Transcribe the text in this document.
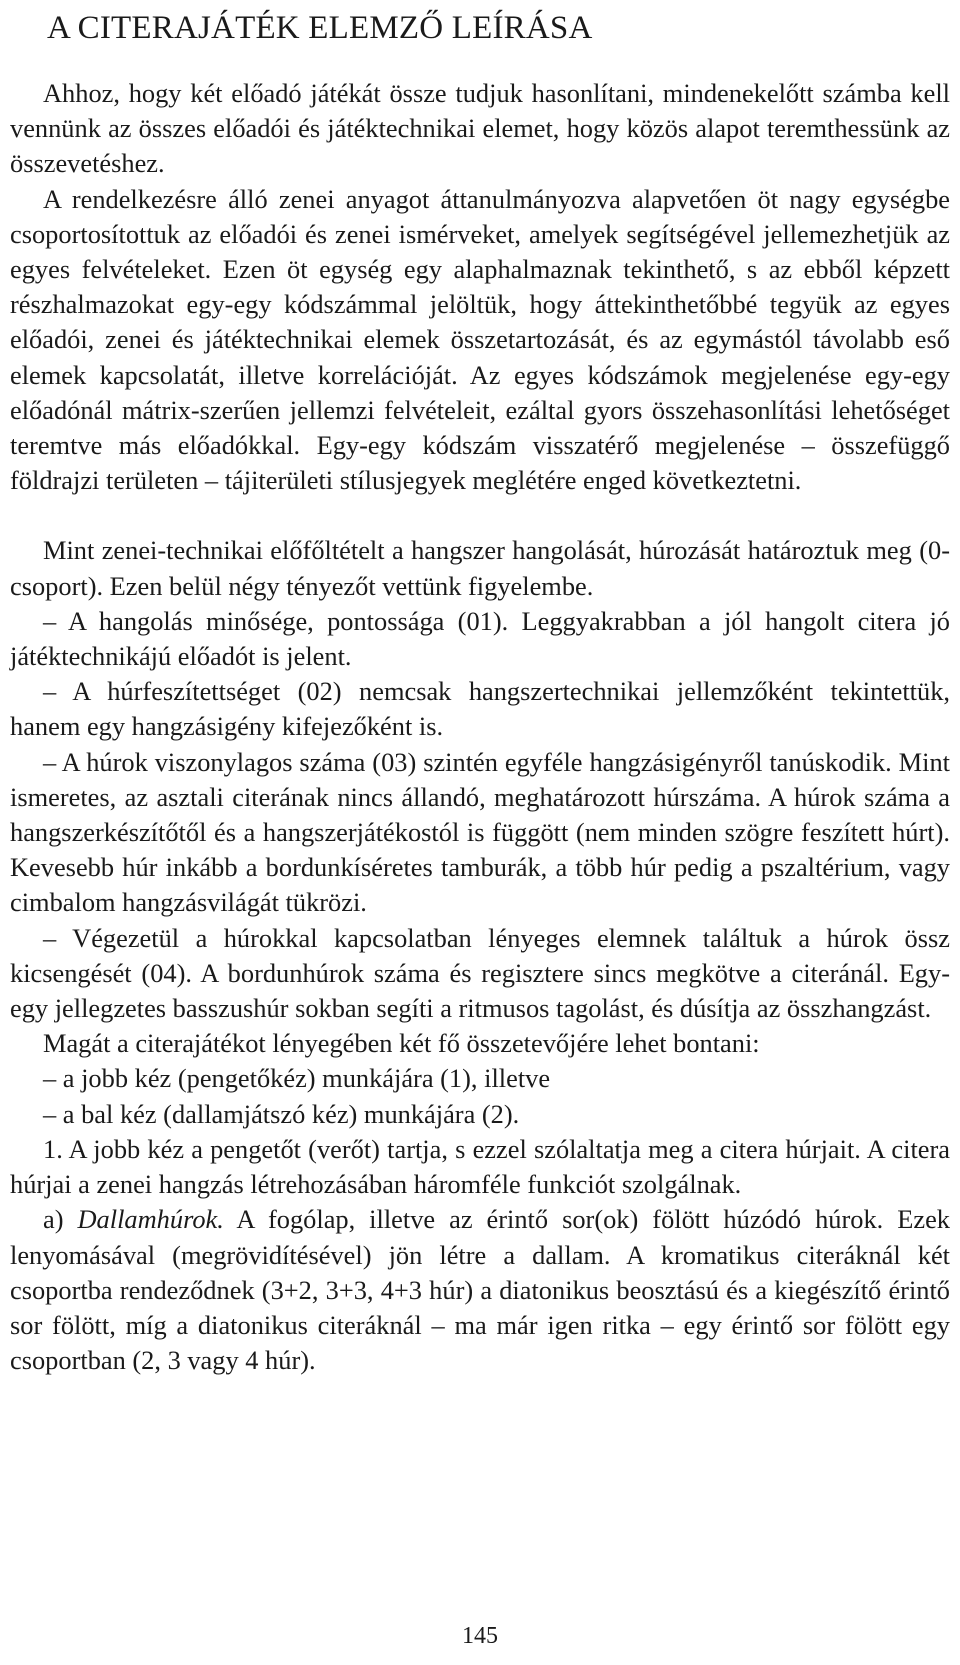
A CITERAJÁTÉK ELEMZŐ LEÍRÁSA

Ahhoz, hogy két előadó játékát össze tudjuk hasonlítani, mindenekelőtt számba kell vennünk az összes előadói és játéktechnikai elemet, hogy közös alapot teremthessünk az összevetéshez.

A rendelkezésre álló zenei anyagot áttanulmányozva alapvetően öt nagy egységbe csoportosítottuk az előadói és zenei ismérveket, amelyek segítségével jellemezhetjük az egyes felvételeket. Ezen öt egység egy alaphalmaznak tekinthető, s az ebből képzett részhalmazokat egy-egy kódszámmal jelöltük, hogy áttekinthetőbbé tegyük az egyes előadói, zenei és játéktechnikai elemek összetartozását, és az egymástól távolabb eső elemek kapcsolatát, illetve korrelációját. Az egyes kódszámok megjelenése egy-egy előadónál mátrix-szerűen jellemzi felvételeit, ezáltal gyors összehasonlítási lehetőséget teremtve más előadókkal. Egy-egy kódszám visszatérő megjelenése – összefüggő földrajzi területen – tájiterületi stílusjegyek meglétére enged következtetni.

Mint zenei-technikai előfőltételt a hangszer hangolását, húrozását határoztuk meg (0-csoport). Ezen belül négy tényezőt vettünk figyelembe.

– A hangolás minősége, pontossága (01). Leggyakrabban a jól hangolt citera jó játéktechnikájú előadót is jelent.

– A húrfeszítettséget (02) nemcsak hangszertechnikai jellemzőként tekintettük, hanem egy hangzásigény kifejezőként is.

– A húrok viszonylagos száma (03) szintén egyféle hangzásigényről tanúskodik. Mint ismeretes, az asztali citerának nincs állandó, meghatározott húrszáma. A húrok száma a hangszerkészítőtől és a hangszerjátékostól is függött (nem minden szögre feszített húrt). Kevesebb húr inkább a bordunkíséretes tamburák, a több húr pedig a pszaltérium, vagy cimbalom hangzásvilágát tükrözi.

– Végezetül a húrokkal kapcsolatban lényeges elemnek találtuk a húrok össz kicsengését (04). A bordunhúrok száma és regisztere sincs megkötve a citeránál. Egy-egy jellegzetes basszushúr sokban segíti a ritmusos tagolást, és dúsítja az összhangzást.

Magát a citerajátékot lényegében két fő összetevőjére lehet bontani:

– a jobb kéz (pengetőkéz) munkájára (1), illetve

– a bal kéz (dallamjátszó kéz) munkájára (2).

1. A jobb kéz a pengetőt (verőt) tartja, s ezzel szólaltatja meg a citera húrjait. A citera húrjai a zenei hangzás létrehozásában háromféle funkciót szolgálnak.

a) Dallamhúrok. A fogólap, illetve az érintő sor(ok) fölött húzódó húrok. Ezek lenyomásával (megrövidítésével) jön létre a dallam. A kromatikus citeráknál két csoportba rendeződnek (3+2, 3+3, 4+3 húr) a diatonikus beosztású és a kiegészítő érintő sor fölött, míg a diatonikus citeráknál – ma már igen ritka – egy érintő sor fölött egy csoportban (2, 3 vagy 4 húr).

145
